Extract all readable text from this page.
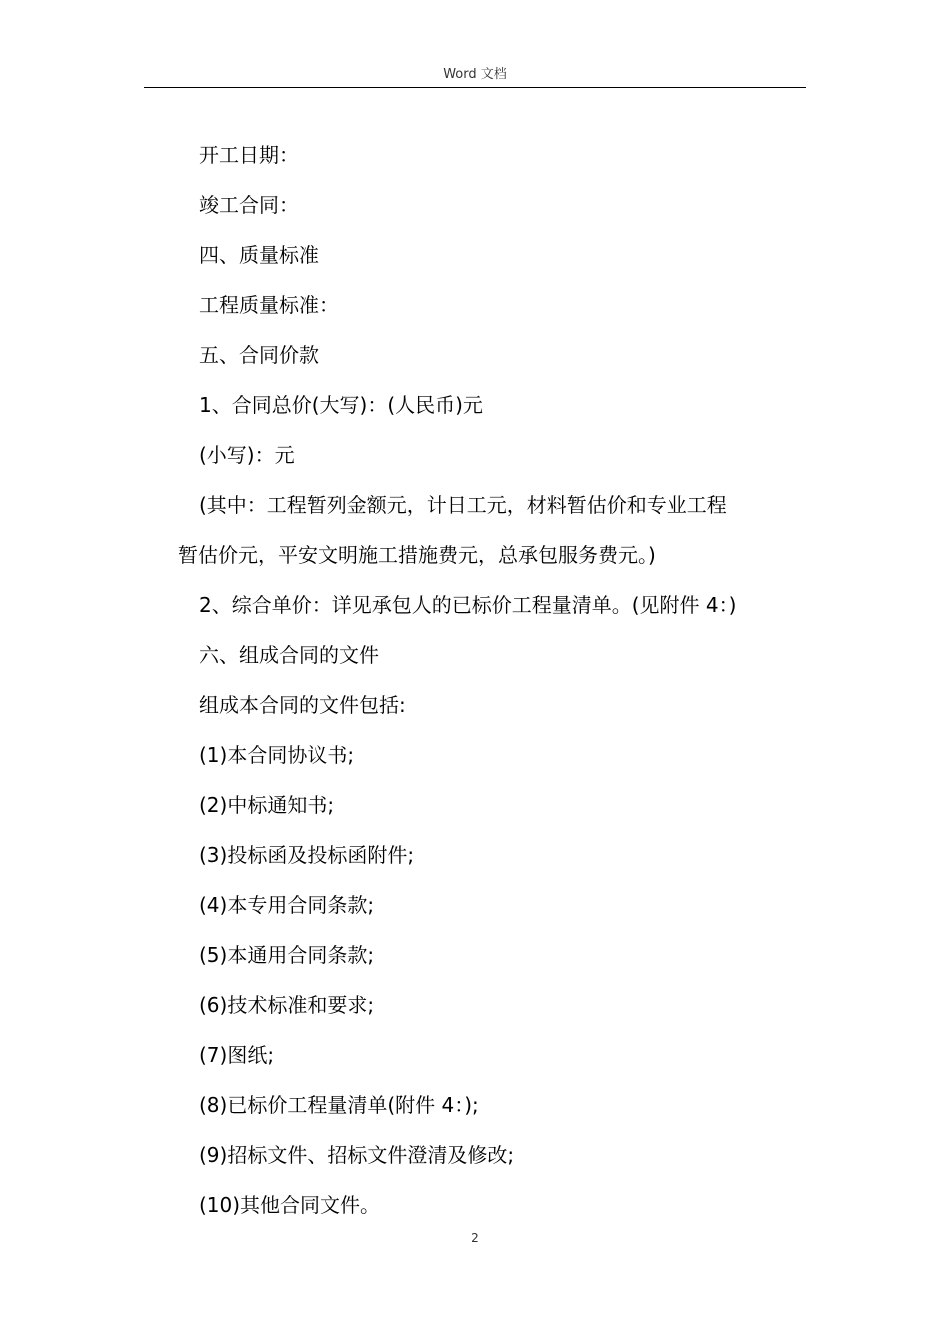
Word 文档

开工日期：

竣工合同：

四、质量标准

工程质量标准：

五、合同价款

1、合同总价(大写)：(人民币)元

(小写)：元

(其中：工程暂列金额元，计日工元，材料暂估价和专业工程

暂估价元，平安文明施工措施费元，总承包服务费元。)

2、综合单价：详见承包人的已标价工程量清单。(见附件 4：)

六、组成合同的文件

组成本合同的文件包括:

(1)本合同协议书;

(2)中标通知书;

(3)投标函及投标函附件;

(4)本专用合同条款;

(5)本通用合同条款;

(6)技术标准和要求;

(7)图纸;

(8)已标价工程量清单(附件 4：);

(9)招标文件、招标文件澄清及修改;

(10)其他合同文件。

2
